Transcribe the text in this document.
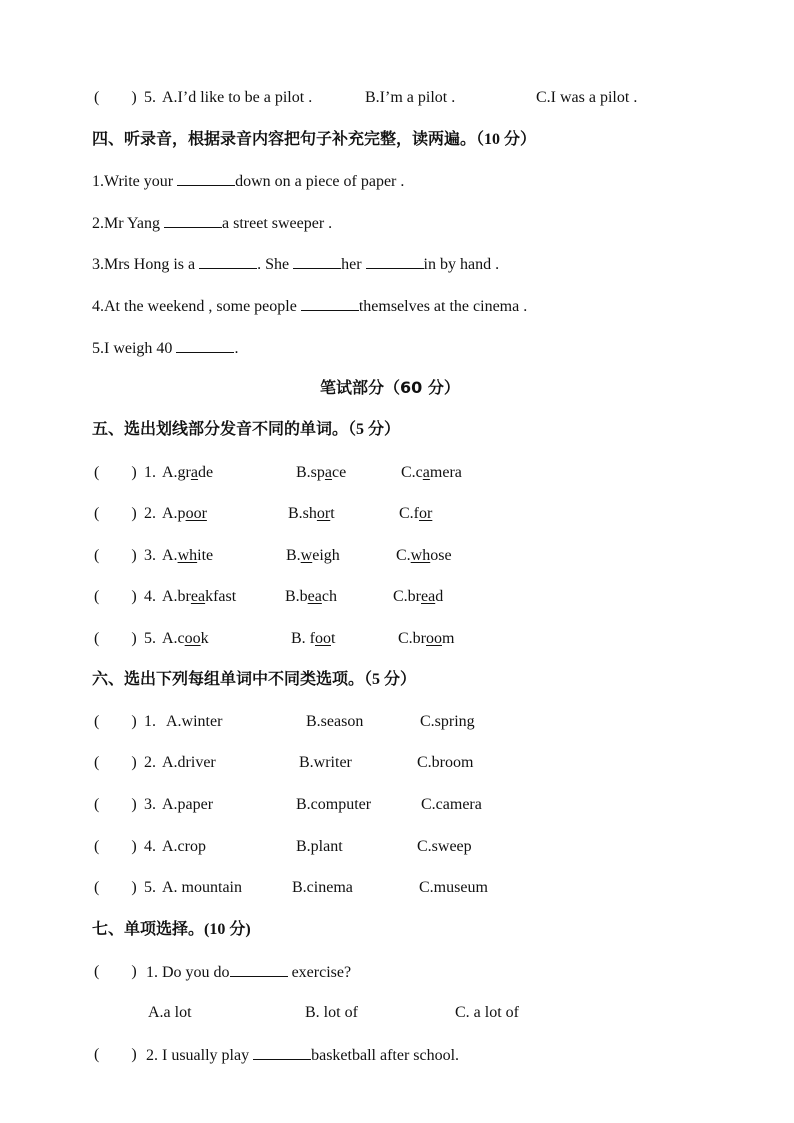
(　　) 5. A.I’d like to be a pilot .	B.I’m a pilot .	C.I was a pilot .
四、听录音，根据录音内容把句子补充完整，读两遍。（10 分）
1.Write your	down on a piece of paper .
2.Mr Yang	a street sweeper .
3.Mrs Hong is a	. She	her	in by hand .
4.At the weekend , some people	themselves at the cinema .
5.I weigh 40	.
笔试部分（60 分）
五、选出划线部分发音不同的单词。（5 分）
(　　) 1. A.grade	B.space	C.camera
(　　) 2. A.poor	B.short	C.for
(　　) 3. A.white	B.weigh	C.whose
(　　) 4. A.breakfast	B.beach	C.bread
(　　) 5. A.cook	B. foot	C.broom
六、选出下列每组单词中不同类选项。（5 分）
(　　) 1. A.winter	B.season	C.spring
(　　) 2. A.driver	B.writer	C.broom
(　　) 3. A.paper	B.computer	C.camera
(　　) 4. A.crop	B.plant	C.sweep
(　　) 5. A. mountain	B.cinema	C.museum
七、单项选择。(10 分)
(　　) 1. Do you do	exercise?
A.a lot	B. lot of	C. a lot of
(　　) 2. I usually play	basketball after school.
